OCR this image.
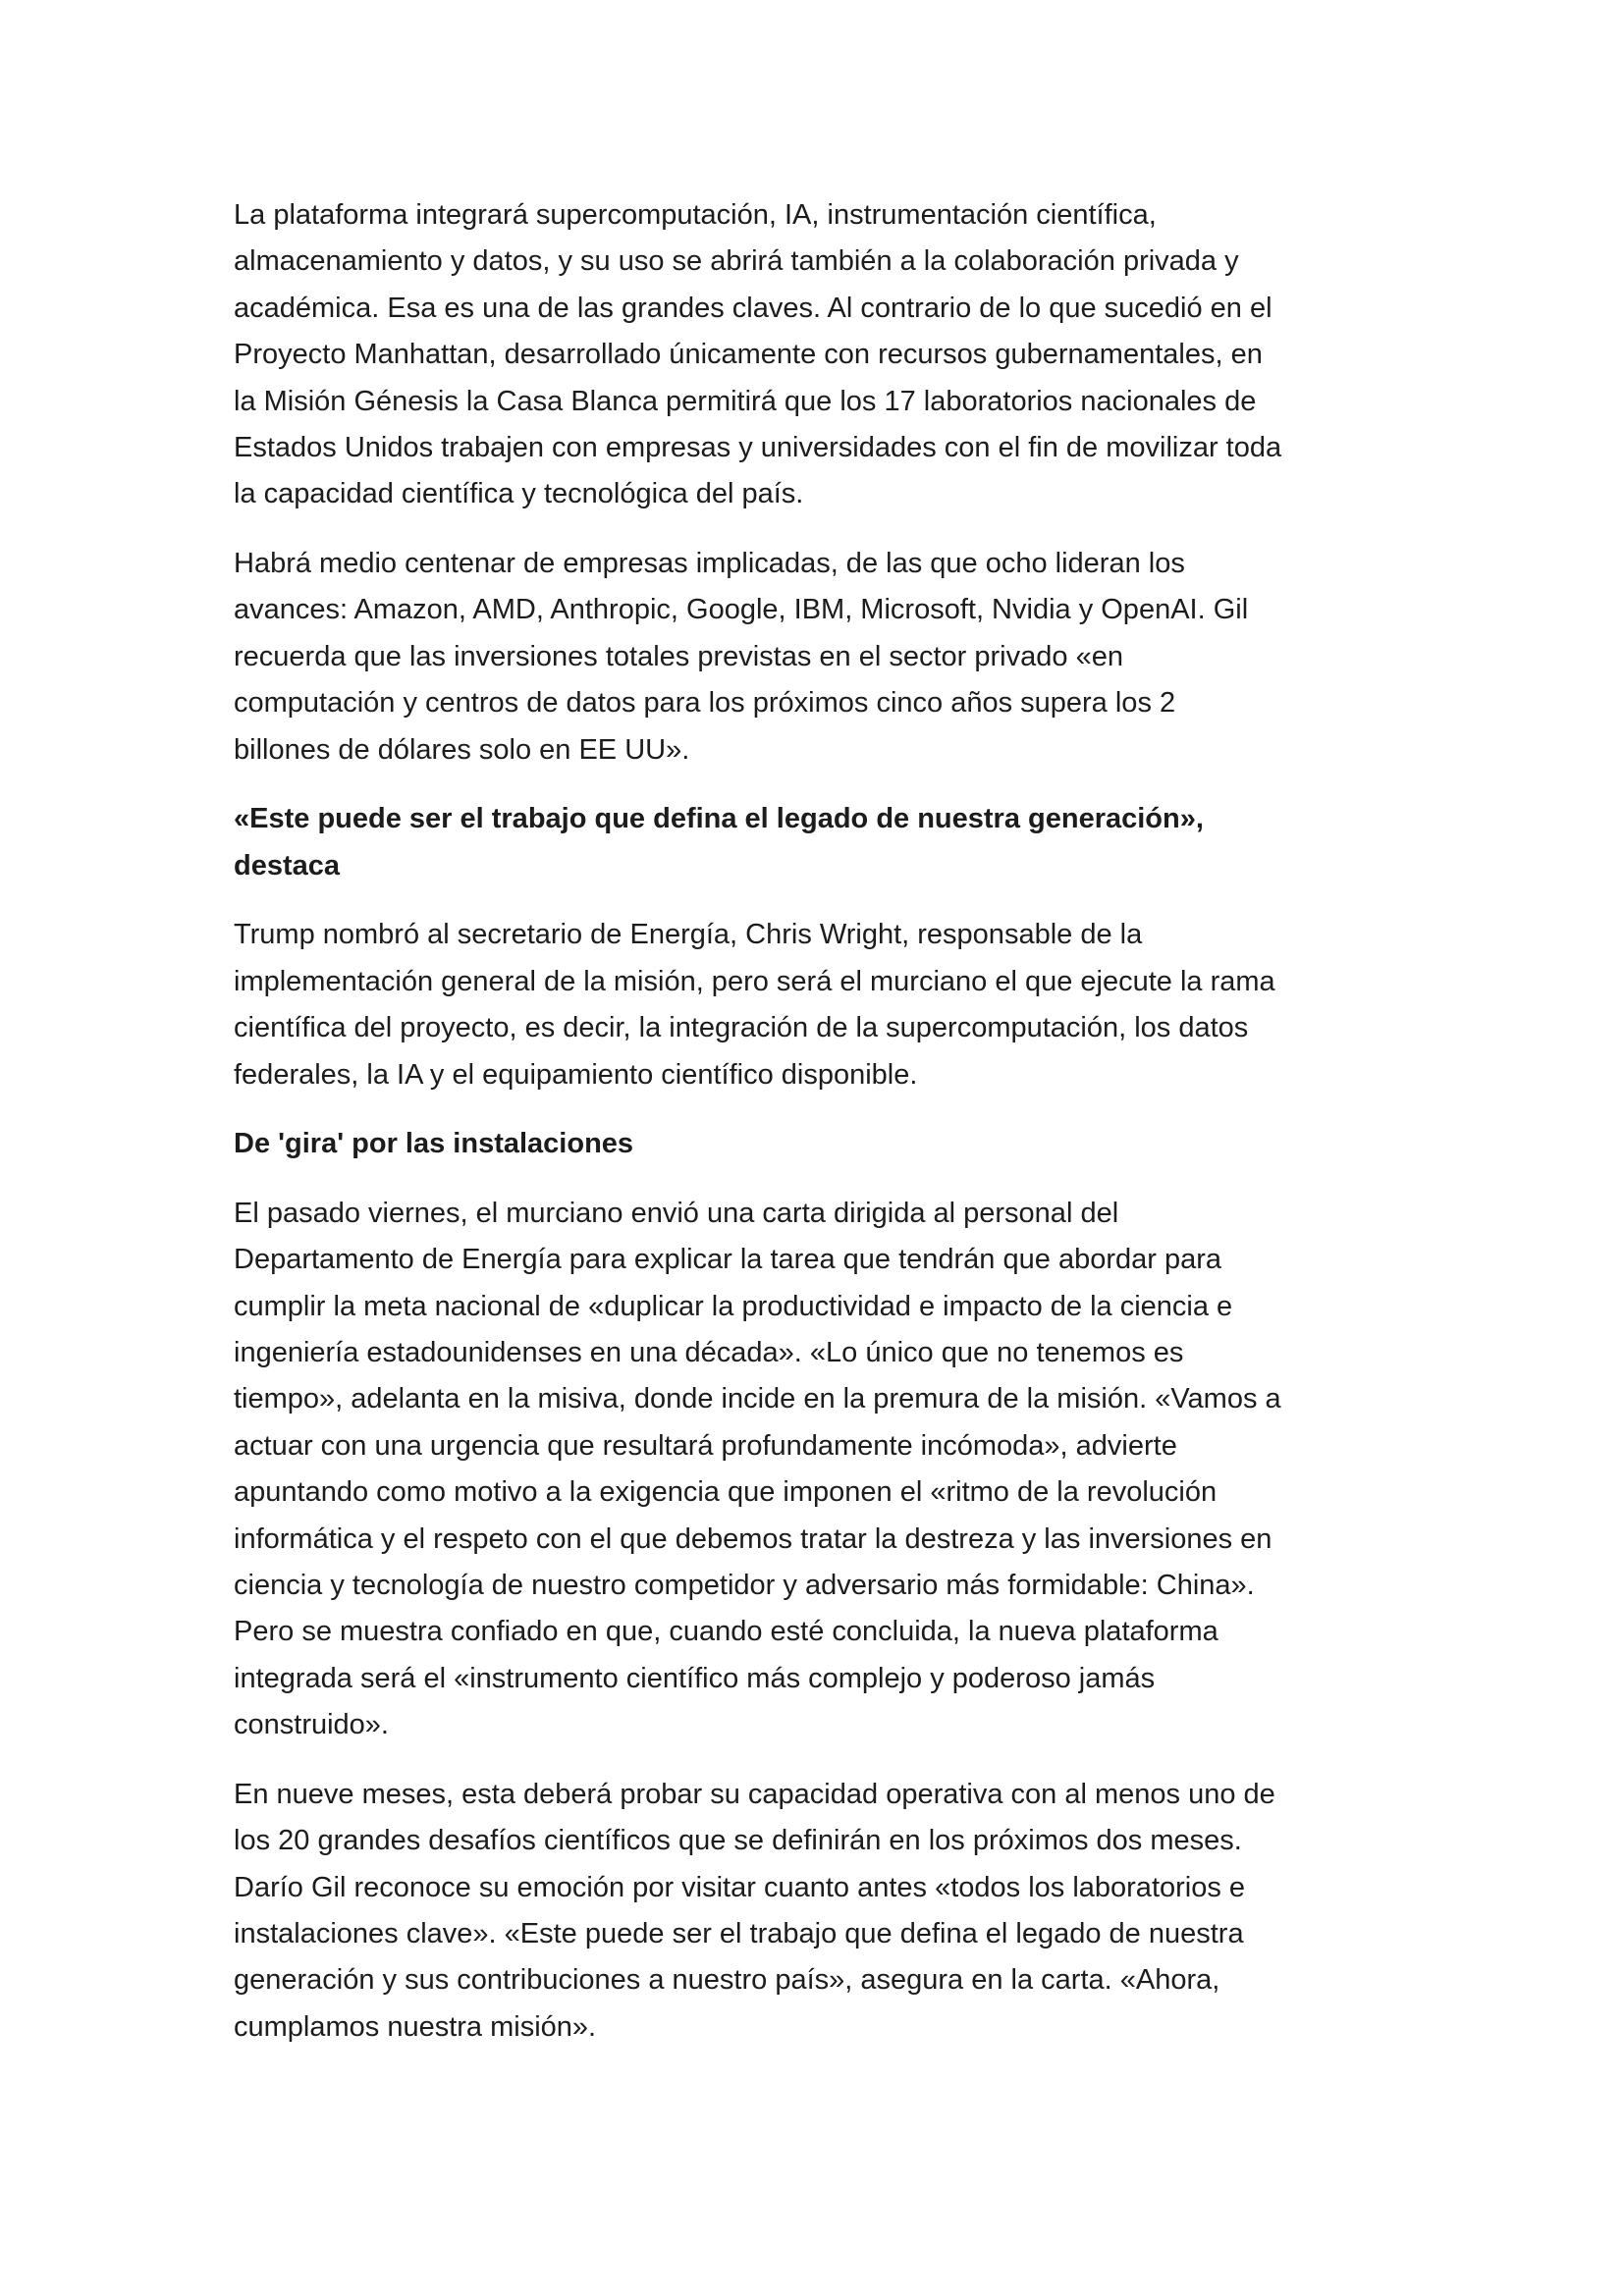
La plataforma integrará supercomputación, IA, instrumentación científica,
almacenamiento y datos, y su uso se abrirá también a la colaboración privada y
académica. Esa es una de las grandes claves. Al contrario de lo que sucedió en el
Proyecto Manhattan, desarrollado únicamente con recursos gubernamentales, en
la Misión Génesis la Casa Blanca permitirá que los 17 laboratorios nacionales de
Estados Unidos trabajen con empresas y universidades con el fin de movilizar toda
la capacidad científica y tecnológica del país.
Habrá medio centenar de empresas implicadas, de las que ocho lideran los
avances: Amazon, AMD, Anthropic, Google, IBM, Microsoft, Nvidia y OpenAI. Gil
recuerda que las inversiones totales previstas en el sector privado «en
computación y centros de datos para los próximos cinco años supera los 2
billones de dólares solo en EE UU».
«Este puede ser el trabajo que defina el legado de nuestra generación»,
destaca
Trump nombró al secretario de Energía, Chris Wright, responsable de la
implementación general de la misión, pero será el murciano el que ejecute la rama
científica del proyecto, es decir, la integración de la supercomputación, los datos
federales, la IA y el equipamiento científico disponible.
De 'gira' por las instalaciones
El pasado viernes, el murciano envió una carta dirigida al personal del
Departamento de Energía para explicar la tarea que tendrán que abordar para
cumplir la meta nacional de «duplicar la productividad e impacto de la ciencia e
ingeniería estadounidenses en una década». «Lo único que no tenemos es
tiempo», adelanta en la misiva, donde incide en la premura de la misión. «Vamos a
actuar con una urgencia que resultará profundamente incómoda», advierte
apuntando como motivo a la exigencia que imponen el «ritmo de la revolución
informática y el respeto con el que debemos tratar la destreza y las inversiones en
ciencia y tecnología de nuestro competidor y adversario más formidable: China».
Pero se muestra confiado en que, cuando esté concluida, la nueva plataforma
integrada será el «instrumento científico más complejo y poderoso jamás
construido».
En nueve meses, esta deberá probar su capacidad operativa con al menos uno de
los 20 grandes desafíos científicos que se definirán en los próximos dos meses.
Darío Gil reconoce su emoción por visitar cuanto antes «todos los laboratorios e
instalaciones clave». «Este puede ser el trabajo que defina el legado de nuestra
generación y sus contribuciones a nuestro país», asegura en la carta. «Ahora,
cumplamos nuestra misión».
